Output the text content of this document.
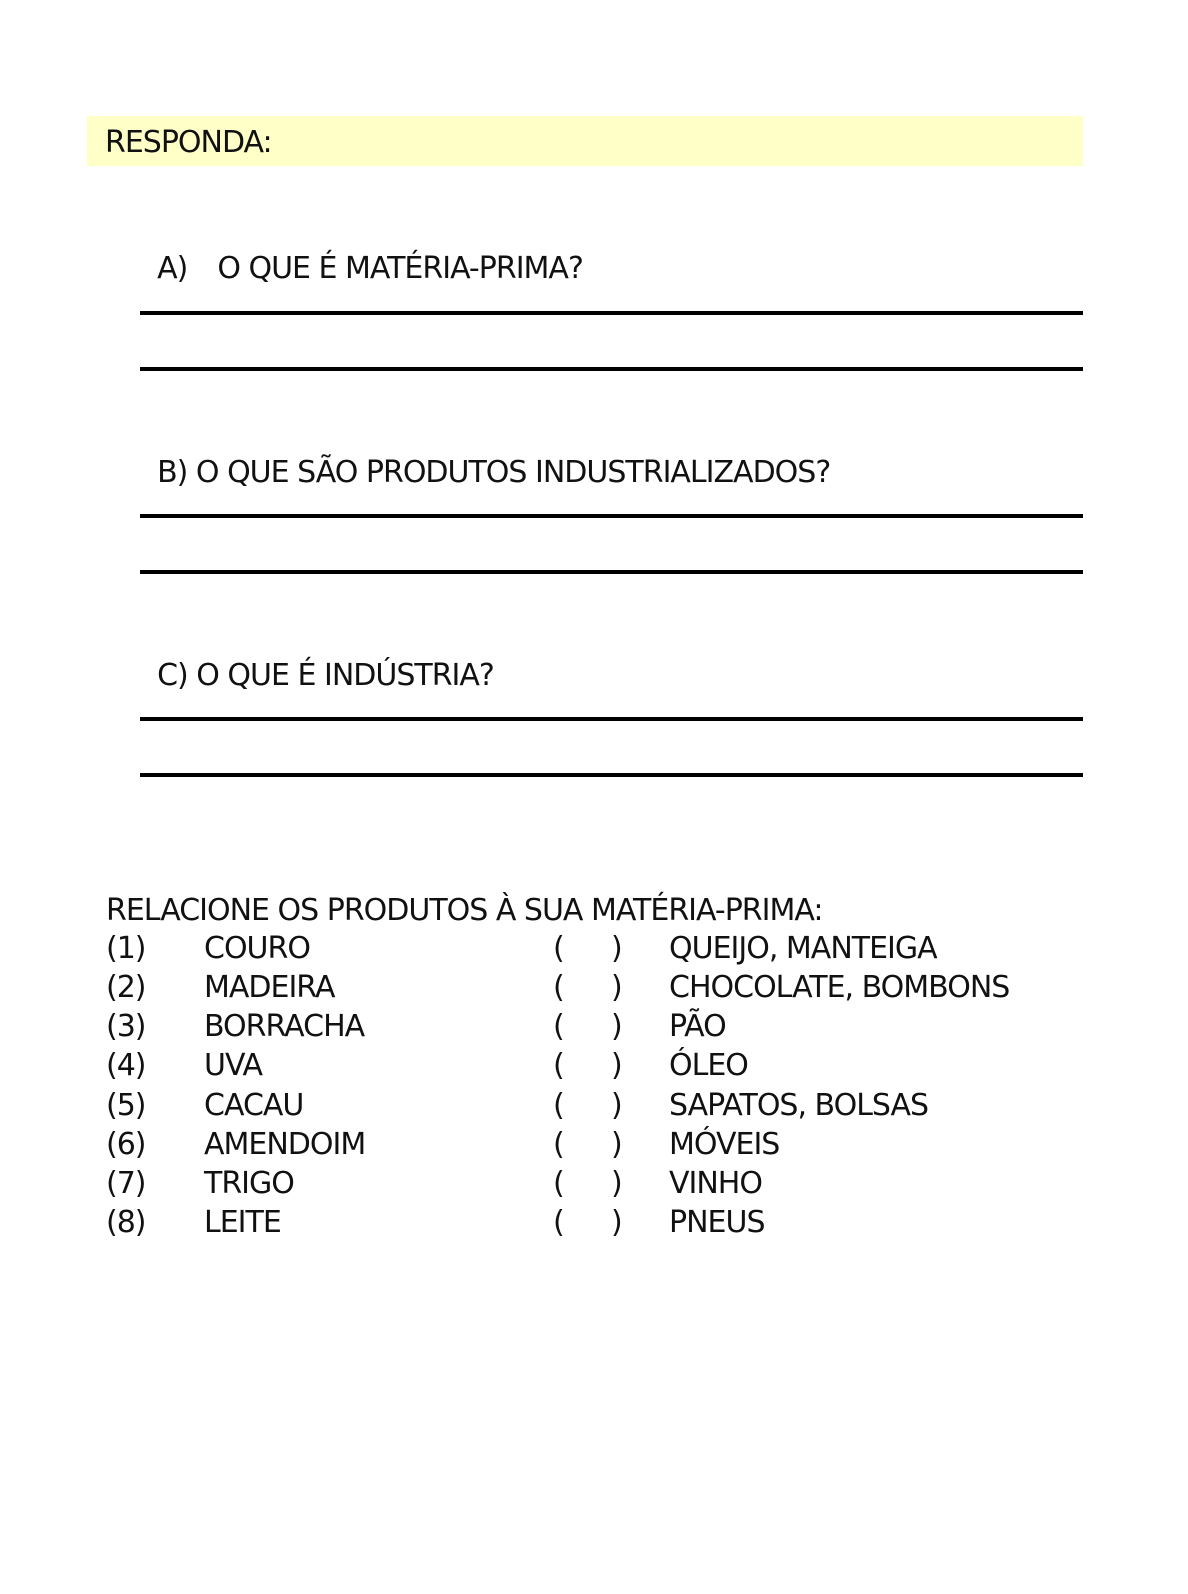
RESPONDA:

A) O QUE É MATÉRIA-PRIMA?

B) O QUE SÃO PRODUTOS INDUSTRIALIZADOS?

C) O QUE É INDÚSTRIA?

RELACIONE OS PRODUTOS À SUA MATÉRIA-PRIMA:
(1) COURO	( ) QUEIJO, MANTEIGA
(2) MADEIRA	( ) CHOCOLATE, BOMBONS
(3) BORRACHA	( ) PÃO
(4) UVA	( ) ÓLEO
(5) CACAU	( ) SAPATOS, BOLSAS
(6) AMENDOIM	( ) MÓVEIS
(7) TRIGO	( ) VINHO
(8) LEITE	( ) PNEUS
